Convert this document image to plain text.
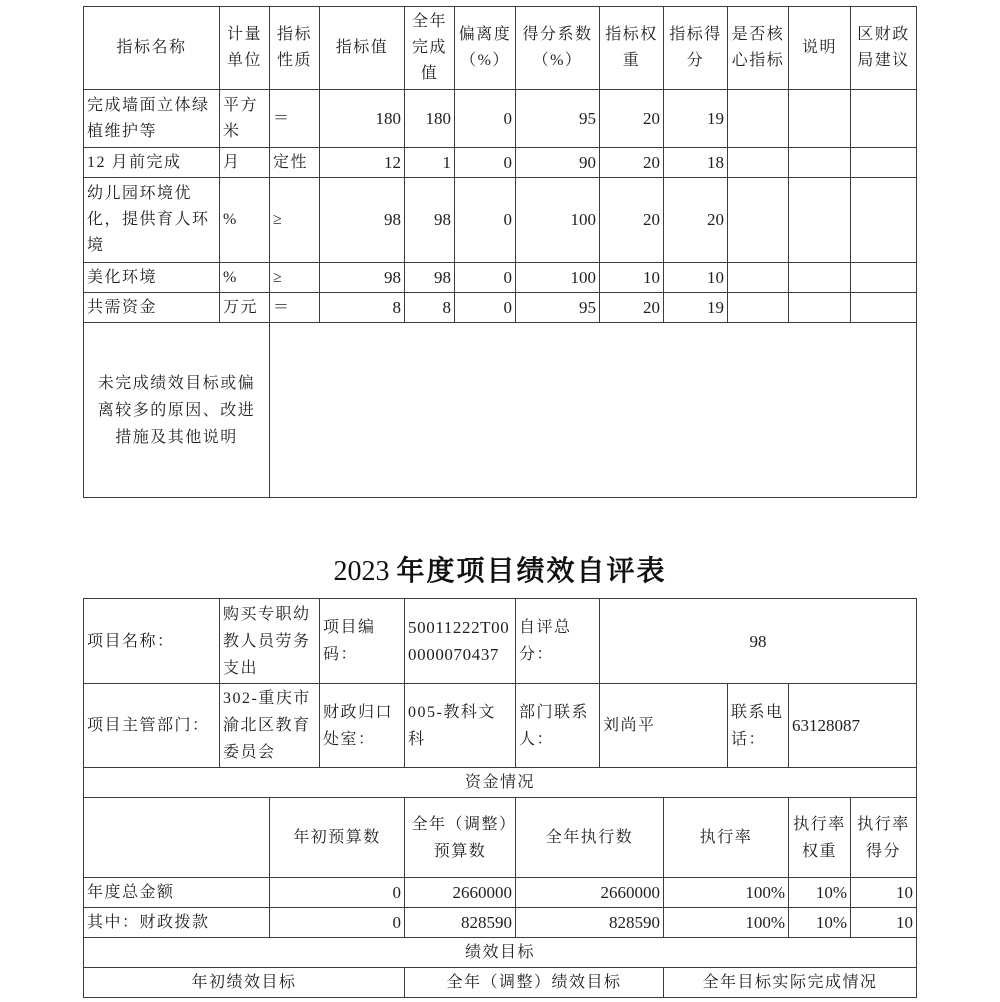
指标名称	计量单位	指标性质	指标值	全年完成值	偏离度（%）	得分系数（%）	指标权重	指标得分	是否核心指标	说明	区财政局建议
完成墙面立体绿植维护等	平方米	＝	180	180	0	95	20	19			
12 月前完成	月	定性	12	1	0	90	20	18			
幼儿园环境优化，提供育人环境	%	≥	98	98	0	100	20	20			
美化环境	%	≥	98	98	0	100	10	10			
共需资金	万元	＝	8	8	0	95	20	19			
未完成绩效目标或偏离较多的原因、改进措施及其他说明											
2023 年度项目绩效自评表
项目名称：	购买专职幼教人员劳务支出		项目编码：	50011222T000000070437	自评总分：	98				
项目主管部门：	302-重庆市渝北区教育委员会		财政归口处室：	005-教科文科	部门联系人：	刘尚平		联系电话：	63128087	
资金情况										
		年初预算数		全年（调整）预算数	全年执行数		执行率		执行率权重	执行率得分
年度总金额		0		2660000	2660000		100%		10%	10
其中：财政拨款		0		828590	828590		100%		10%	10
绩效目标										
年初绩效目标				全年（调整）绩效目标			全年目标实际完成情况			
